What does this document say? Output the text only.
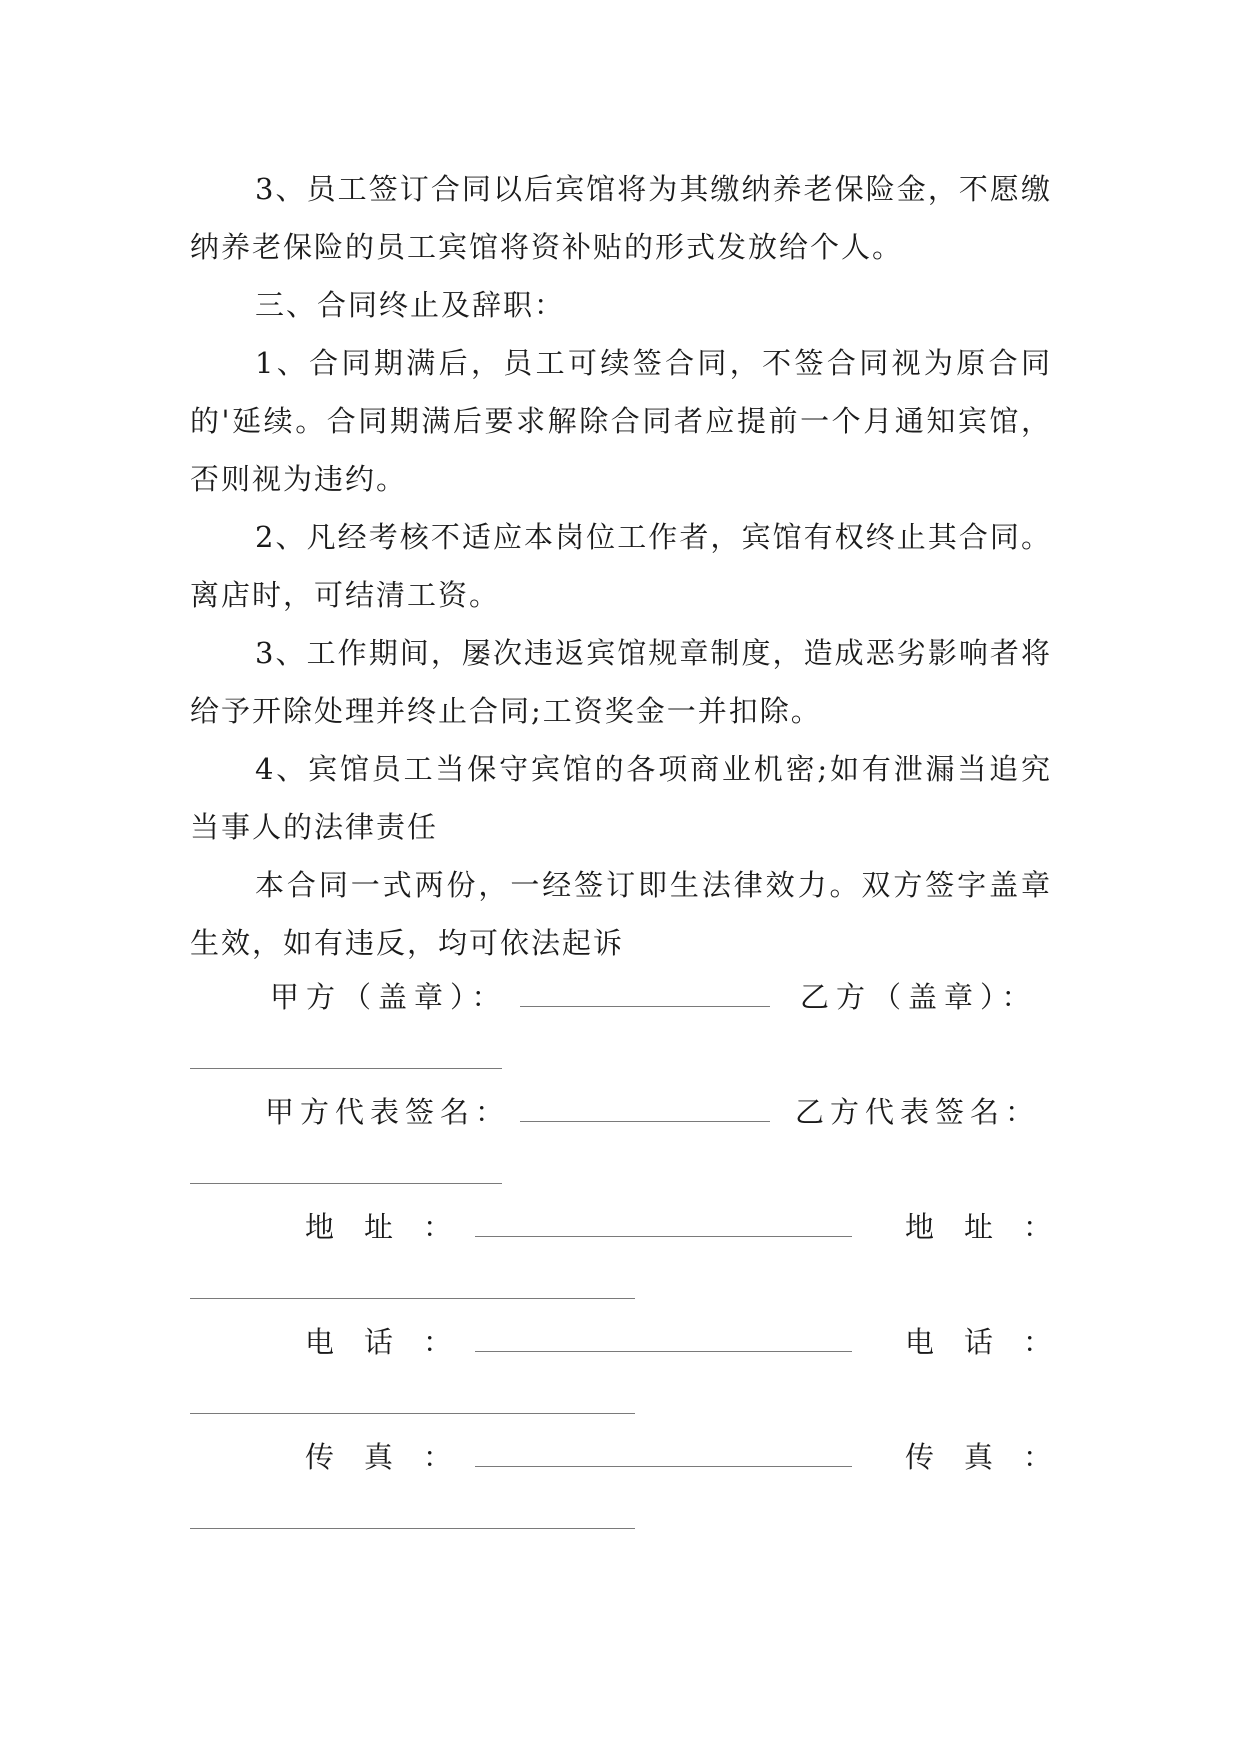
3、员工签订合同以后宾馆将为其缴纳养老保险金，不愿缴纳养老保险的员工宾馆将资补贴的形式发放给个人。

三、合同终止及辞职：

1、合同期满后，员工可续签合同，不签合同视为原合同的'延续。合同期满后要求解除合同者应提前一个月通知宾馆，否则视为违约。

2、凡经考核不适应本岗位工作者，宾馆有权终止其合同。离店时，可结清工资。

3、工作期间，屡次违返宾馆规章制度，造成恶劣影响者将给予开除处理并终止合同;工资奖金一并扣除。

4、宾馆员工当保守宾馆的各项商业机密;如有泄漏当追究当事人的法律责任

本合同一式两份，一经签订即生法律效力。双方签字盖章生效，如有违反，均可依法起诉

甲方（盖章）：	乙方（盖章）：
甲方代表签名：	乙方代表签名：
地址：	地址：
电话：	电话：
传真：	传真：
